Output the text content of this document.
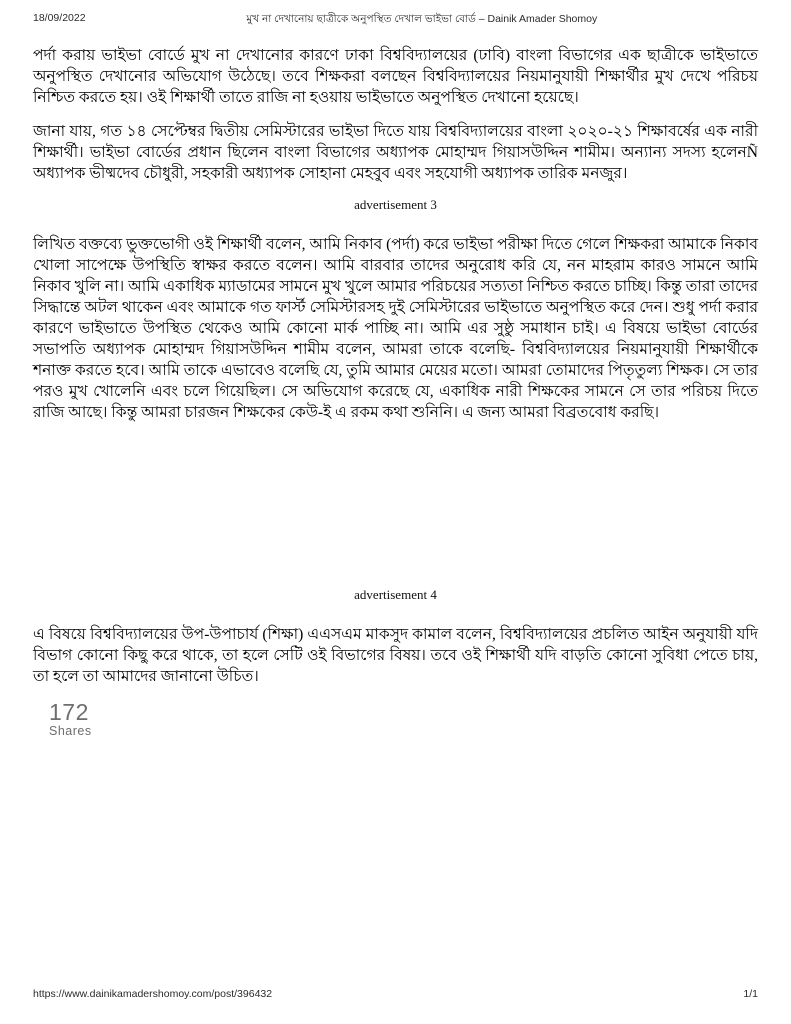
18/09/2022	মুখ না দেখানোয় ছাত্রীকে অনুপস্থিত দেখাল ভাইভা বোর্ড – Dainik Amader Shomoy

পর্দা করায় ভাইভা বোর্ডে মুখ না দেখানোর কারণে ঢাকা বিশ্ববিদ্যালয়ের (ঢাবি) বাংলা বিভাগের এক ছাত্রীকে ভাইভাতে অনুপস্থিত দেখানোর অভিযোগ উঠেছে। তবে শিক্ষকরা বলছেন বিশ্ববিদ্যালয়ের নিয়মানুযায়ী শিক্ষার্থীর মুখ দেখে পরিচয় নিশ্চিত করতে হয়। ওই শিক্ষার্থী তাতে রাজি না হওয়ায় ভাইভাতে অনুপস্থিত দেখানো হয়েছে।

জানা যায়, গত ১৪ সেপ্টেম্বর দ্বিতীয় সেমিস্টারের ভাইভা দিতে যায় বিশ্ববিদ্যালয়ের বাংলা ২০২০-২১ শিক্ষাবর্ষের এক নারী শিক্ষার্থী। ভাইভা বোর্ডের প্রধান ছিলেন বাংলা বিভাগের অধ্যাপক মোহাম্মদ গিয়াসউদ্দিন শামীম। অন্যান্য সদস্য হলেনÑ অধ্যাপক ভীষ্মদেব চৌধুরী, সহকারী অধ্যাপক সোহানা মেহবুব এবং সহযোগী অধ্যাপক তারিক মনজুর।

advertisement 3

লিখিত বক্তব্যে ভুক্তভোগী ওই শিক্ষার্থী বলেন, আমি নিকাব (পর্দা) করে ভাইভা পরীক্ষা দিতে গেলে শিক্ষকরা আমাকে নিকাব খোলা সাপেক্ষে উপস্থিতি স্বাক্ষর করতে বলেন। আমি বারবার তাদের অনুরোধ করি যে, নন মাহরাম কারও সামনে আমি নিকাব খুলি না। আমি একাধিক ম্যাডামের সামনে মুখ খুলে আমার পরিচয়ের সত্যতা নিশ্চিত করতে চাচ্ছি। কিন্তু তারা তাদের সিদ্ধান্তে অটল থাকেন এবং আমাকে গত ফার্স্ট সেমিস্টারসহ দুই সেমিস্টারের ভাইভাতে অনুপস্থিত করে দেন। শুধু পর্দা করার কারণে ভাইভাতে উপস্থিত থেকেও আমি কোনো মার্ক পাচ্ছি না। আমি এর সুষ্ঠু সমাধান চাই। এ বিষয়ে ভাইভা বোর্ডের সভাপতি অধ্যাপক মোহাম্মদ গিয়াসউদ্দিন শামীম বলেন, আমরা তাকে বলেছি- বিশ্ববিদ্যালয়ের নিয়মানুযায়ী শিক্ষার্থীকে শনাক্ত করতে হবে। আমি তাকে এভাবেও বলেছি যে, তুমি আমার মেয়ের মতো। আমরা তোমাদের পিতৃতুল্য শিক্ষক। সে তার পরও মুখ খোলেনি এবং চলে গিয়েছিল। সে অভিযোগ করেছে যে, একাধিক নারী শিক্ষকের সামনে সে তার পরিচয় দিতে রাজি আছে। কিন্তু আমরা চারজন শিক্ষকের কেউ-ই এ রকম কথা শুনিনি। এ জন্য আমরা বিব্রতবোধ করছি।

advertisement 4

এ বিষয়ে বিশ্ববিদ্যালয়ের উপ-উপাচার্য (শিক্ষা) এএসএম মাকসুদ কামাল বলেন, বিশ্ববিদ্যালয়ের প্রচলিত আইন অনুযায়ী যদি বিভাগ কোনো কিছু করে থাকে, তা হলে সেটি ওই বিভাগের বিষয়। তবে ওই শিক্ষার্থী যদি বাড়তি কোনো সুবিধা পেতে চায়, তা হলে তা আমাদের জানানো উচিত।

172
Shares
https://www.dainikamadershomoy.com/post/396432	1/1
